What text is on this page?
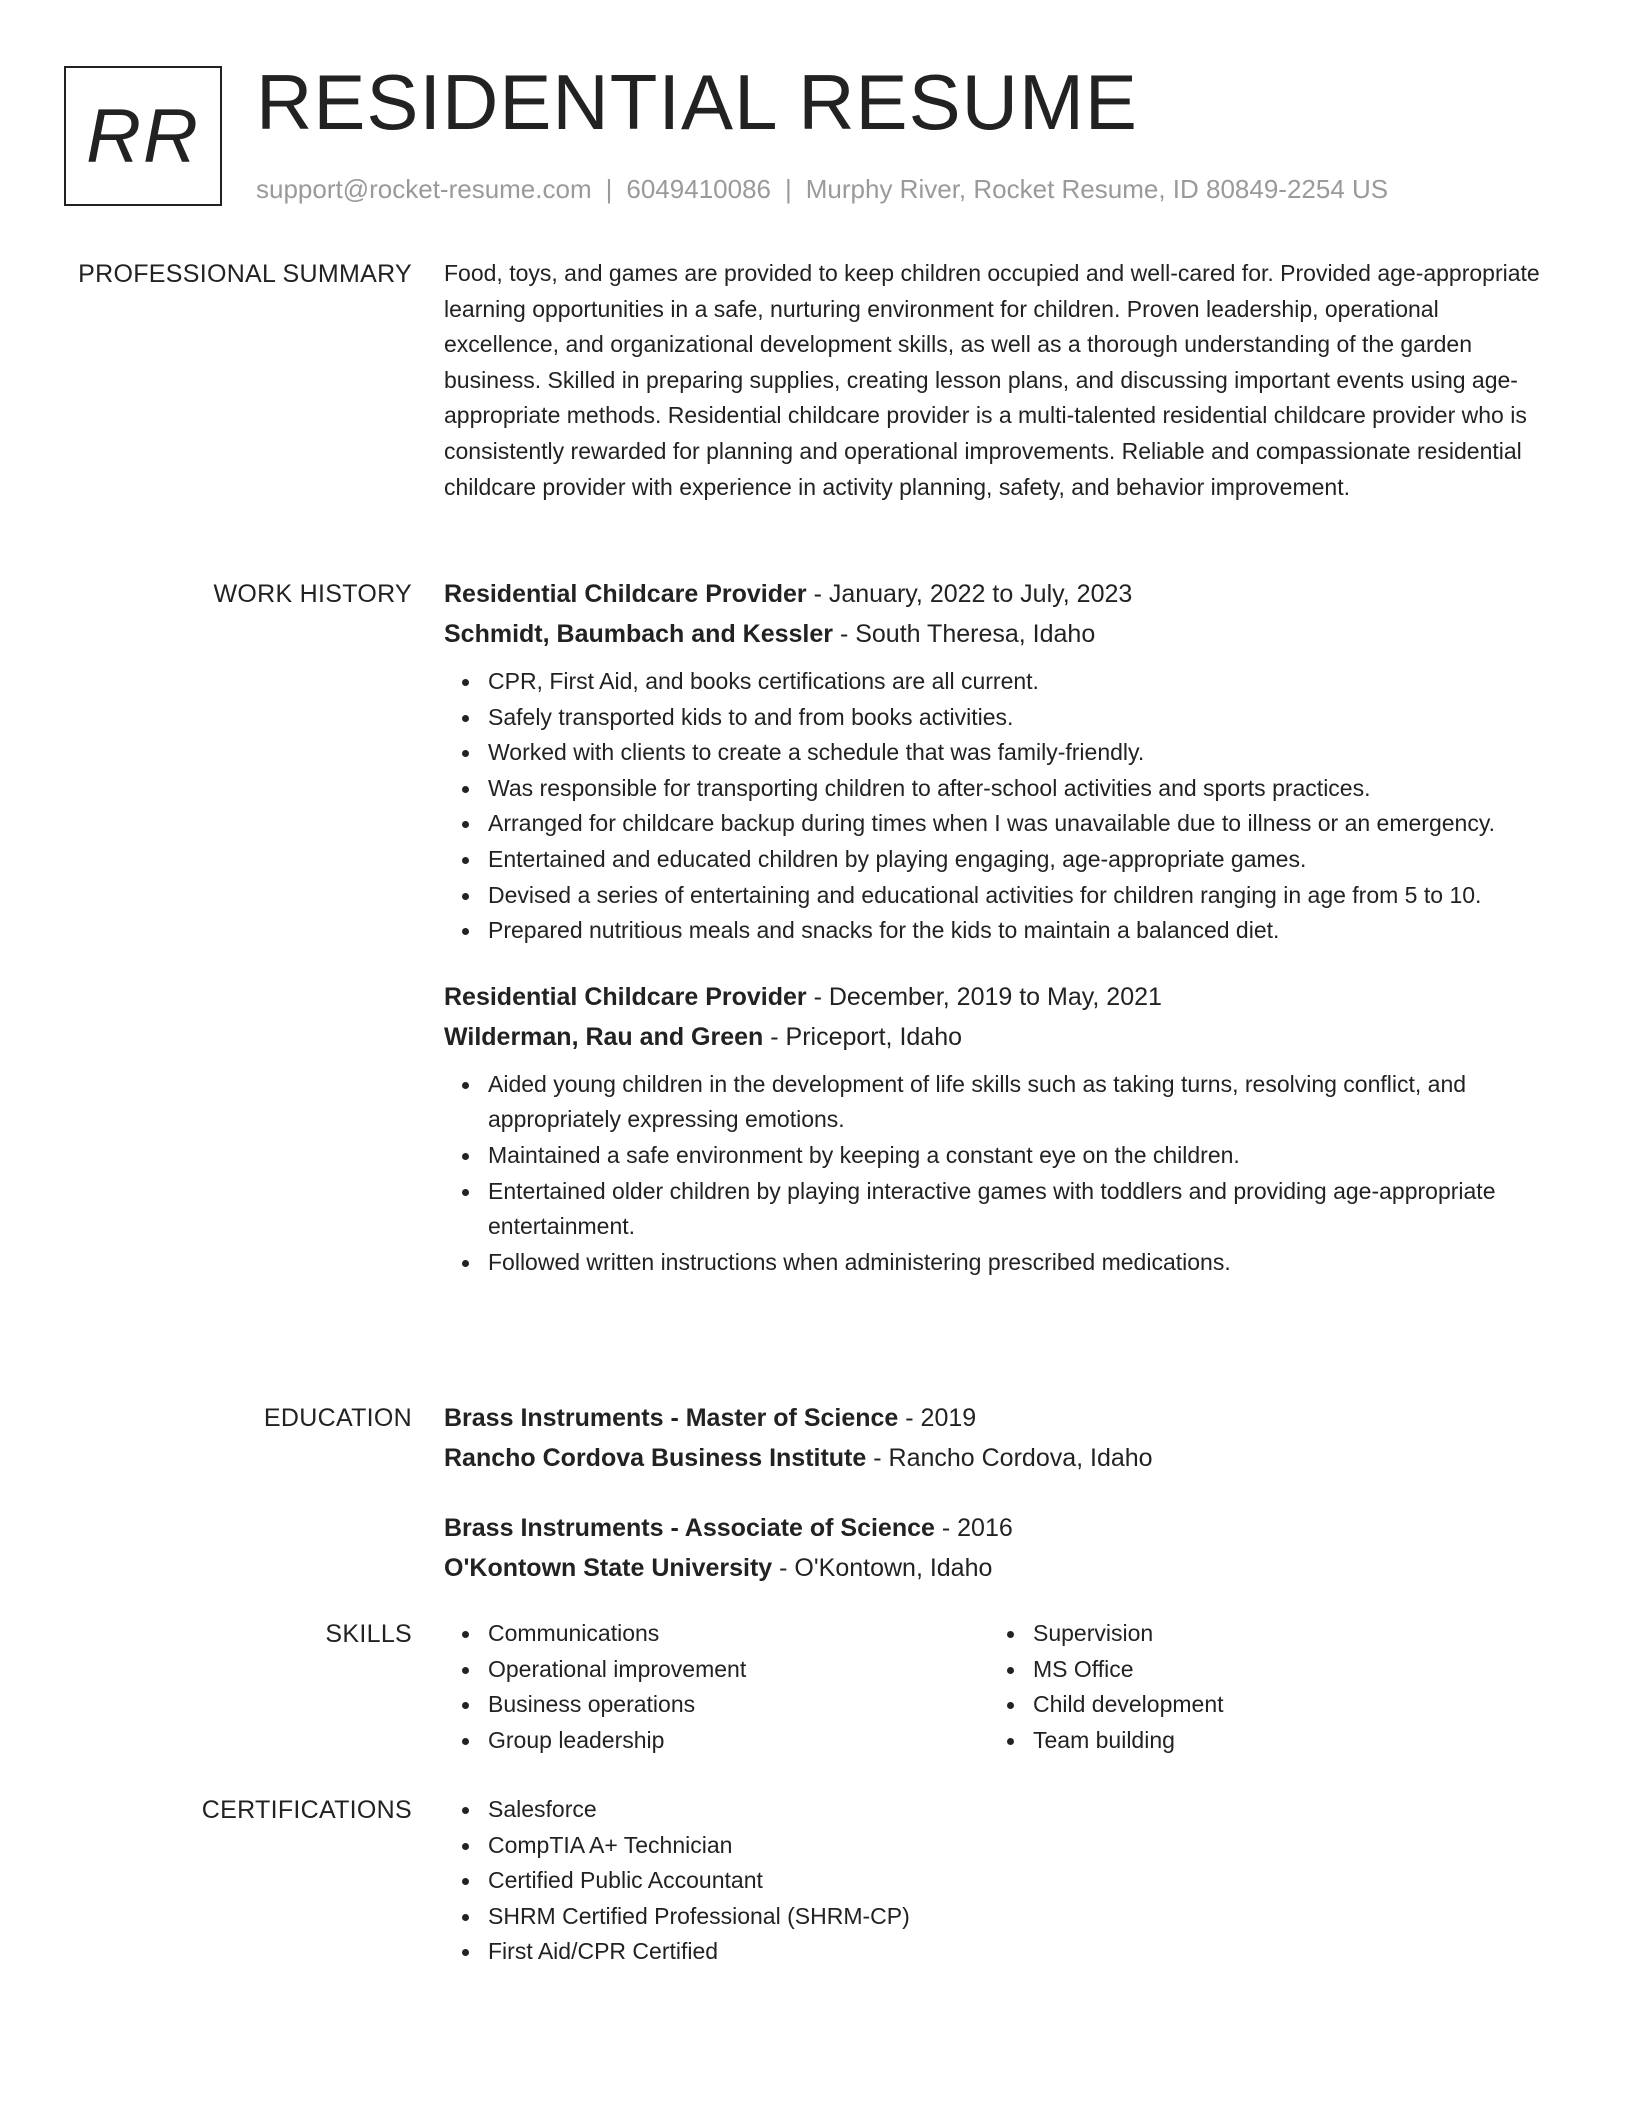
RR RESIDENTIAL RESUME
support@rocket-resume.com | 6049410086 | Murphy River, Rocket Resume, ID 80849-2254 US
PROFESSIONAL SUMMARY Food, toys, and games are provided to keep children occupied and well-cared for. Provided age-appropriate learning opportunities in a safe, nurturing environment for children. Proven leadership, operational excellence, and organizational development skills, as well as a thorough understanding of the garden business. Skilled in preparing supplies, creating lesson plans, and discussing important events using age-appropriate methods. Residential childcare provider is a multi-talented residential childcare provider who is consistently rewarded for planning and operational improvements. Reliable and compassionate residential childcare provider with experience in activity planning, safety, and behavior improvement.

WORK HISTORY Residential Childcare Provider - January, 2022 to July, 2023
Schmidt, Baumbach and Kessler - South Theresa, Idaho
CPR, First Aid, and books certifications are all current.
Safely transported kids to and from books activities.
Worked with clients to create a schedule that was family-friendly.
Was responsible for transporting children to after-school activities and sports practices.
Arranged for childcare backup during times when I was unavailable due to illness or an emergency.
Entertained and educated children by playing engaging, age-appropriate games.
Devised a series of entertaining and educational activities for children ranging in age from 5 to 10.
Prepared nutritious meals and snacks for the kids to maintain a balanced diet.
Residential Childcare Provider - December, 2019 to May, 2021
Wilderman, Rau and Green - Priceport, Idaho
Aided young children in the development of life skills such as taking turns, resolving conflict, and appropriately expressing emotions.
Maintained a safe environment by keeping a constant eye on the children.
Entertained older children by playing interactive games with toddlers and providing age-appropriate entertainment.
Followed written instructions when administering prescribed medications.
EDUCATION Brass Instruments - Master of Science - 2019
Rancho Cordova Business Institute - Rancho Cordova, Idaho
Brass Instruments - Associate of Science - 2016
O'Kontown State University - O'Kontown, Idaho
SKILLS	Communications
Operational improvement
Business operations
Group leadership
Supervision
MS Office
Child development
Team building
CERTIFICATIONS	Salesforce
CompTIA A+ Technician
Certified Public Accountant
SHRM Certified Professional (SHRM-CP)
First Aid/CPR Certified
